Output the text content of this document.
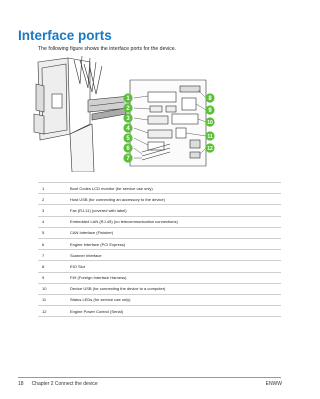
Interface ports
The following figure shows the interface ports for the device.
1
2
3
4
5
6
7
8
9
10
11
12
1	Boot Codes LCD monitor (for service use only)
2	Host USB (for connecting an accessory to the device)
3	Fax (RJ-11) (covered with label)
4	Embedded LAN (RJ-45) (no telecommunication connections)
5	CAN Interface (Finisher)
6	Engine Interface (PCI Express)
7	Scanner Interface
8	EIO Slot
9	FIH (Foreign Interface Harness)
10	Device USB (for connecting the device to a computer)
11	Status LEDs (for service use only)
12	Engine Power Control (Serial)
18 Chapter 2 Connect the device	ENWW
